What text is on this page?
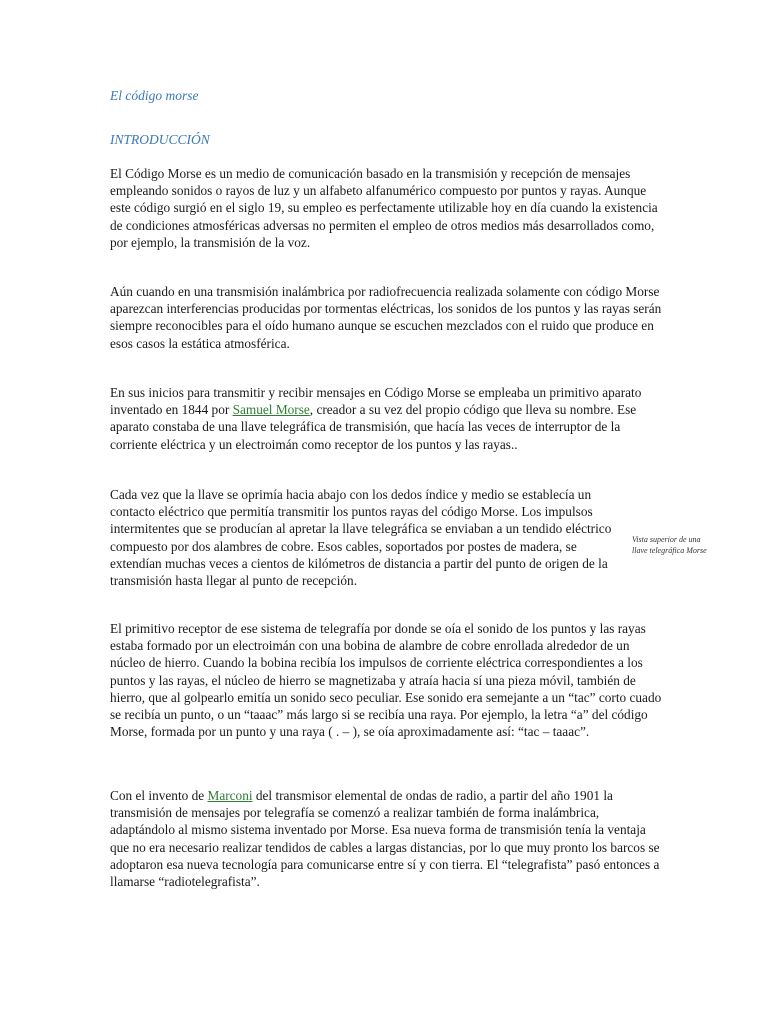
El código morse
INTRODUCCIÓN

El Código Morse es un medio de comunicación basado en la transmisión y recepción de mensajes empleando sonidos o rayos de luz y un alfabeto alfanumérico compuesto por puntos y rayas. Aunque este código surgió en el siglo 19, su empleo es perfectamente utilizable hoy en día cuando la existencia de condiciones atmosféricas adversas no permiten el empleo de otros medios más desarrollados como, por ejemplo, la transmisión de la voz.

Aún cuando en una transmisión inalámbrica por radiofrecuencia realizada solamente con código Morse aparezcan interferencias producidas por tormentas eléctricas, los sonidos de los puntos y las rayas serán siempre reconocibles para el oído humano aunque se escuchen mezclados con el ruido que produce en esos casos la estática atmosférica.

En sus inicios para transmitir y recibir mensajes en Código Morse se empleaba un primitivo aparato inventado en 1844 por Samuel Morse, creador a su vez del propio código que lleva su nombre. Ese aparato constaba de una llave telegráfica de transmisión, que hacía las veces de interruptor de la corriente eléctrica y un electroimán como receptor de los puntos y las rayas..

Cada vez que la llave se oprimía hacia abajo con los dedos índice y medio se establecía un contacto eléctrico que permitía transmitir los puntos rayas del código Morse. Los impulsos intermitentes que se producían al apretar la llave telegráfica se enviaban a un tendido eléctrico compuesto por dos alambres de cobre. Esos cables, soportados por postes de madera, se extendían muchas veces a cientos de kilómetros de distancia a partir del punto de origen de la transmisión hasta llegar al punto de recepción.

Vista superior de una llave telegráfica Morse

El primitivo receptor de ese sistema de telegrafía por donde se oía el sonido de los puntos y las rayas estaba formado por un electroimán con una bobina de alambre de cobre enrollada alrededor de un núcleo de hierro. Cuando la bobina recibía los impulsos de corriente eléctrica correspondientes a los puntos y las rayas, el núcleo de hierro se magnetizaba y atraía hacia sí una pieza móvil, también de hierro, que al golpearlo emitía un sonido seco peculiar. Ese sonido era semejante a un “tac” corto cuado se recibía un punto, o un “taaac” más largo si se recibía una raya. Por ejemplo, la letra “a” del código Morse, formada por un punto y una raya ( . – ), se oía aproximadamente así: “tac – taaac”.

Con el invento de Marconi del transmisor elemental de ondas de radio, a partir del año 1901 la transmisión de mensajes por telegrafía se comenzó a realizar también de forma inalámbrica, adaptándolo al mismo sistema inventado por Morse. Esa nueva forma de transmisión tenía la ventaja que no era necesario realizar tendidos de cables a largas distancias, por lo que muy pronto los barcos se adoptaron esa nueva tecnología para comunicarse entre sí y con tierra. El “telegrafista” pasó entonces a llamarse “radiotelegrafista”.
